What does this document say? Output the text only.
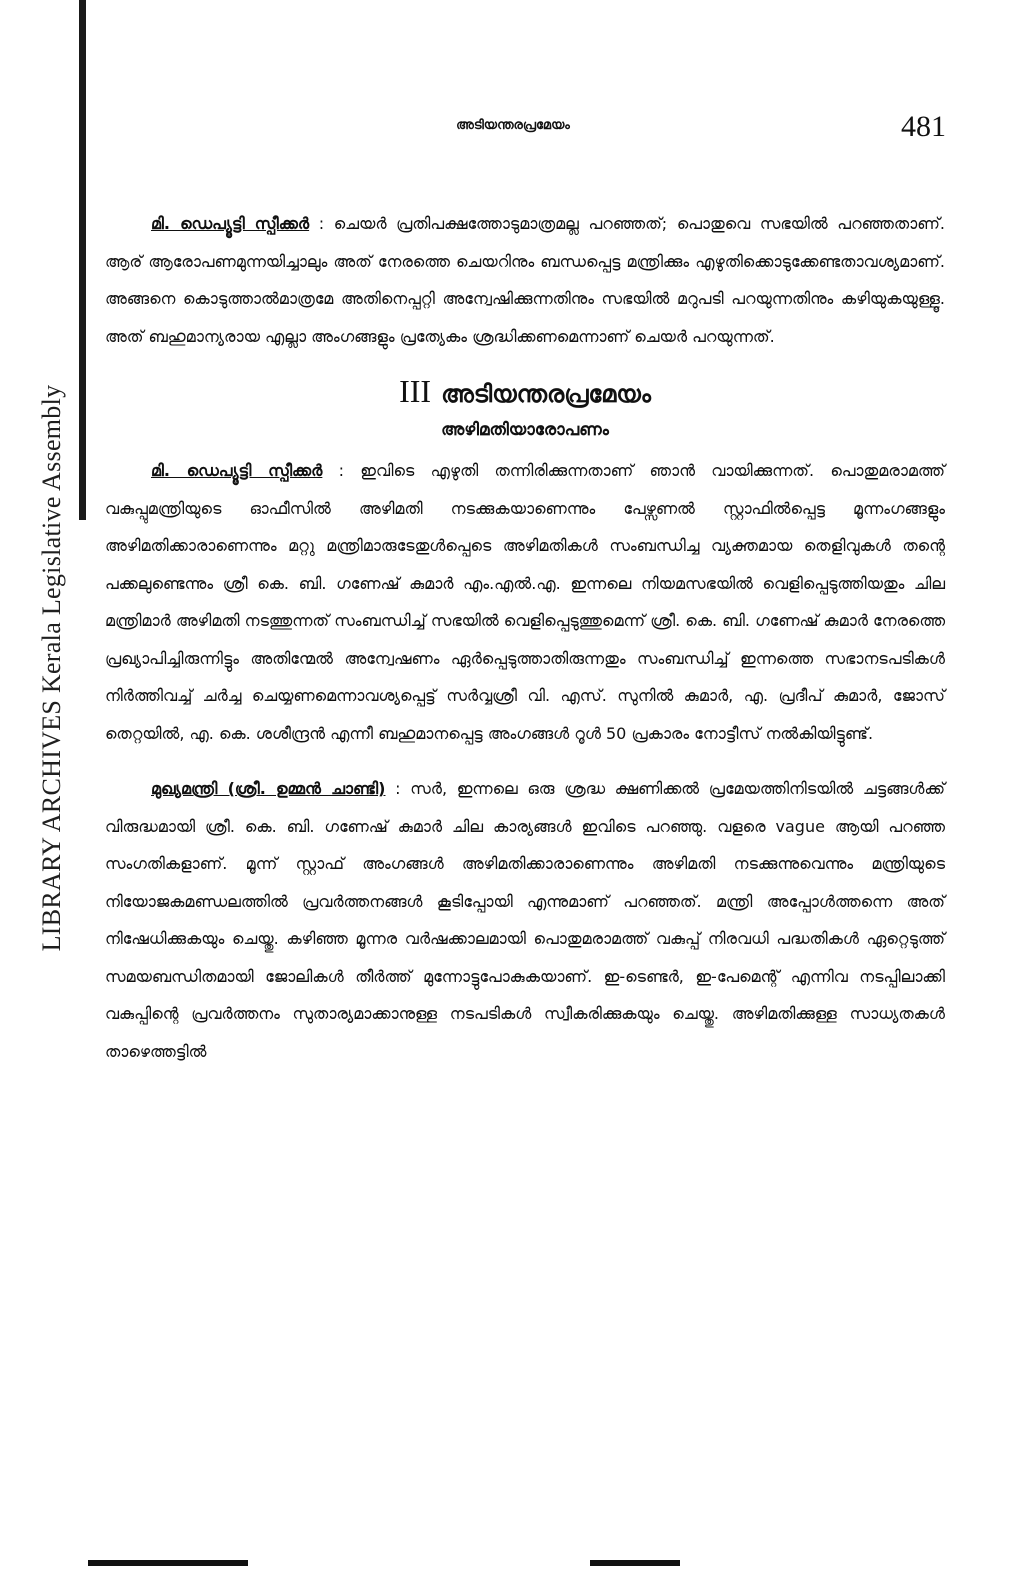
LIBRARY ARCHIVES Kerala Legislative Assembly
അടിയന്തരപ്രമേയം	481

മി. ഡെപ്യൂട്ടി സ്പീക്കർ : ചെയർ പ്രതിപക്ഷത്തോടുമാത്രമല്ല പറഞ്ഞത്; പൊതുവെ സഭയിൽ പറഞ്ഞതാണ്. ആര് ആരോപണമുന്നയിച്ചാലും അത് നേരത്തെ ചെയറിനും ബന്ധപ്പെട്ട മന്ത്രിക്കും എഴുതിക്കൊടുക്കേണ്ടതാവശ്യമാണ്. അങ്ങനെ കൊടുത്താൽമാത്രമേ അതിനെപ്പറ്റി അന്വേഷിക്കുന്നതിനും സഭയിൽ മറുപടി പറയുന്നതിനും കഴിയുകയുള്ളൂ. അത് ബഹുമാന്യരായ എല്ലാ അംഗങ്ങളും പ്രത്യേകം ശ്രദ്ധിക്കണമെന്നാണ് ചെയർ പറയുന്നത്.

III അടിയന്തരപ്രമേയം
അഴിമതിയാരോപണം

മി. ഡെപ്യൂട്ടി സ്പീക്കർ : ഇവിടെ എഴുതി തന്നിരിക്കുന്നതാണ് ഞാൻ വായിക്കുന്നത്. പൊതുമരാമത്ത് വകുപ്പുമന്ത്രിയുടെ ഓഫീസിൽ അഴിമതി നടക്കുകയാണെന്നും പേഴ്സണൽ സ്റ്റാഫിൽപ്പെട്ട മൂന്നംഗങ്ങളും അഴിമതിക്കാരാണെന്നും മറ്റു മന്ത്രിമാരുടേതുൾപ്പെടെ അഴിമതികൾ സംബന്ധിച്ച വ്യക്തമായ തെളിവുകൾ തന്റെ പക്കലുണ്ടെന്നും ശ്രീ കെ. ബി. ഗണേഷ് കുമാർ എം.എൽ.എ. ഇന്നലെ നിയമസഭയിൽ വെളിപ്പെടുത്തിയതും ചില മന്ത്രിമാർ അഴിമതി നടത്തുന്നത് സംബന്ധിച്ച് സഭയിൽ വെളിപ്പെടുത്തുമെന്ന് ശ്രീ. കെ. ബി. ഗണേഷ് കുമാർ നേരത്തെ പ്രഖ്യാപിച്ചിരുന്നിട്ടും അതിന്മേൽ അന്വേഷണം ഏർപ്പെടുത്താതിരുന്നതും സംബന്ധിച്ച് ഇന്നത്തെ സഭാനടപടികൾ നിർത്തിവച്ച് ചർച്ച ചെയ്യണമെന്നാവശ്യപ്പെട്ട് സർവ്വശ്രീ വി. എസ്. സുനിൽ കുമാർ, എ. പ്രദീപ് കുമാർ, ജോസ് തെറ്റയിൽ, എ. കെ. ശശീന്ദ്രൻ എന്നീ ബഹുമാനപ്പെട്ട അംഗങ്ങൾ റൂൾ 50 പ്രകാരം നോട്ടീസ് നൽകിയിട്ടുണ്ട്.

മുഖ്യമന്ത്രി (ശ്രീ. ഉമ്മൻ ചാണ്ടി) : സർ, ഇന്നലെ ഒരു ശ്രദ്ധ ക്ഷണിക്കൽ പ്രമേയത്തിനിടയിൽ ചട്ടങ്ങൾക്ക് വിരുദ്ധമായി ശ്രീ. കെ. ബി. ഗണേഷ് കുമാർ ചില കാര്യങ്ങൾ ഇവിടെ പറഞ്ഞു. വളരെ vague ആയി പറഞ്ഞ സംഗതികളാണ്. മൂന്ന് സ്റ്റാഫ് അംഗങ്ങൾ അഴിമതിക്കാരാണെന്നും അഴിമതി നടക്കുന്നുവെന്നും മന്ത്രിയുടെ നിയോജകമണ്ഡലത്തിൽ പ്രവർത്തനങ്ങൾ കൂടിപ്പോയി എന്നുമാണ് പറഞ്ഞത്. മന്ത്രി അപ്പോൾത്തന്നെ അത് നിഷേധിക്കുകയും ചെയ്തു. കഴിഞ്ഞ മൂന്നര വർഷക്കാലമായി പൊതുമരാമത്ത് വകുപ്പ് നിരവധി പദ്ധതികൾ ഏറ്റെടുത്ത് സമയബന്ധിതമായി ജോലികൾ തീർത്ത് മുന്നോട്ടുപോകുകയാണ്. ഇ-ടെണ്ടർ, ഇ-പേമെന്റ് എന്നിവ നടപ്പിലാക്കി വകുപ്പിന്റെ പ്രവർത്തനം സുതാര്യമാക്കാനുള്ള നടപടികൾ സ്വീകരിക്കുകയും ചെയ്തു. അഴിമതിക്കുള്ള സാധ്യതകൾ താഴെത്തട്ടിൽ
